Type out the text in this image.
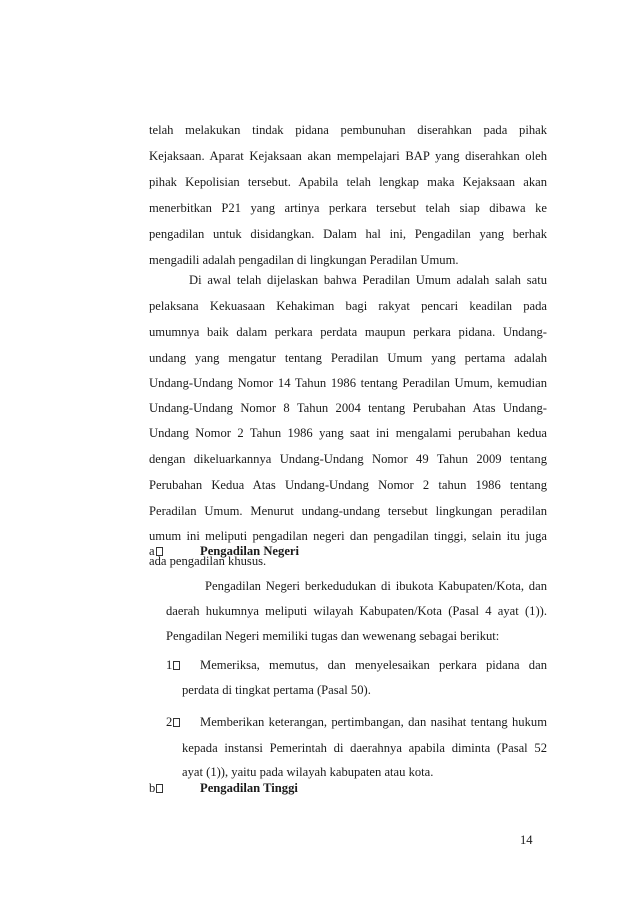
telah melakukan tindak pidana pembunuhan diserahkan pada pihak
Kejaksaan. Aparat Kejaksaan akan mempelajari BAP yang diserahkan oleh
pihak Kepolisian tersebut. Apabila telah lengkap maka Kejaksaan akan
menerbitkan P21 yang artinya perkara tersebut telah siap dibawa ke
pengadilan untuk disidangkan. Dalam hal ini, Pengadilan yang berhak
mengadili adalah pengadilan di lingkungan Peradilan Umum.
Di awal telah dijelaskan bahwa Peradilan Umum adalah salah satu
pelaksana Kekuasaan Kehakiman bagi rakyat pencari keadilan pada
umumnya baik dalam perkara perdata maupun perkara pidana. Undang-
undang yang mengatur tentang Peradilan Umum yang pertama adalah
Undang-Undang Nomor 14 Tahun 1986 tentang Peradilan Umum, kemudian
Undang-Undang Nomor 8 Tahun 2004 tentang Perubahan Atas Undang-
Undang Nomor 2 Tahun 1986 yang saat ini mengalami perubahan kedua
dengan dikeluarkannya Undang-Undang Nomor 49 Tahun 2009 tentang
Perubahan Kedua Atas Undang-Undang Nomor 2 tahun 1986 tentang
Peradilan Umum. Menurut undang-undang tersebut lingkungan peradilan
umum ini meliputi pengadilan negeri dan pengadilan tinggi, selain itu juga
ada pengadilan khusus.
a	Pengadilan Negeri
Pengadilan Negeri berkedudukan di ibukota Kabupaten/Kota, dan
daerah hukumnya meliputi wilayah Kabupaten/Kota (Pasal 4 ayat (1)).
Pengadilan Negeri memiliki tugas dan wewenang sebagai berikut:
1	Memeriksa, memutus, dan menyelesaikan perkara pidana dan
perdata di tingkat pertama (Pasal 50).
2	Memberikan keterangan, pertimbangan, dan nasihat tentang hukum
kepada instansi Pemerintah di daerahnya apabila diminta (Pasal 52
ayat (1)), yaitu pada wilayah kabupaten atau kota.
b	Pengadilan Tinggi
14
